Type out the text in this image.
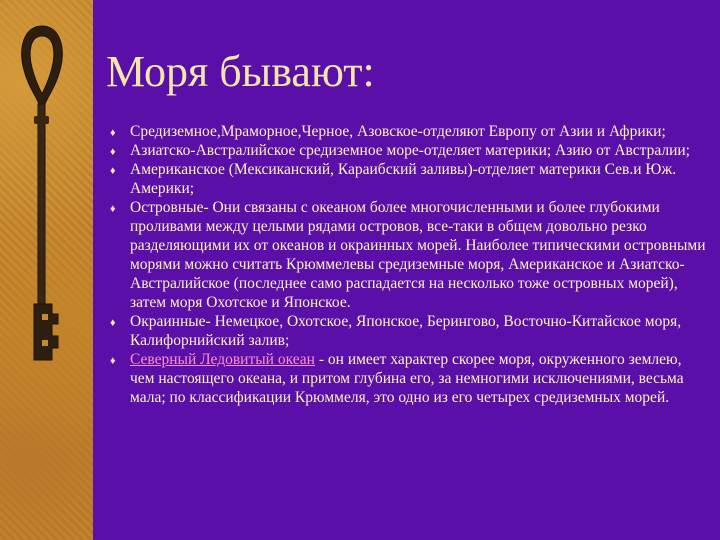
Моря бывают:
♦ Средиземное,Мраморное,Черное, Азовское-отделяют Европу от Азии и Африки;
♦ Азиатско-Австралийское средиземное море-отделяет материки; Азию от Австралии;
♦ Американское (Мексиканский, Караибский заливы)-отделяет материки Сев.и Юж. Америки;
♦ Островные- Они связаны с океаном более многочисленными и более глубокими проливами между целыми рядами островов, все-таки в общем довольно резко разделяющими их от океанов и окраинных морей. Наиболее типическими островными морями можно считать Крюммелевы средиземные моря, Американское и Азиатско-Австралийское (последнее само распадается на несколько тоже островных морей), затем моря Охотское и Японское.
♦ Окраинные- Немецкое, Охотское, Японское, Берингово, Восточно-Китайское моря, Калифорнийский залив;
♦ Северный Ледовитый океан - он имеет характер скорее моря, окруженного землею, чем настоящего океана, и притом глубина его, за немногими исключениями, весьма мала; по классификации Крюммеля, это одно из его четырех средиземных морей.
